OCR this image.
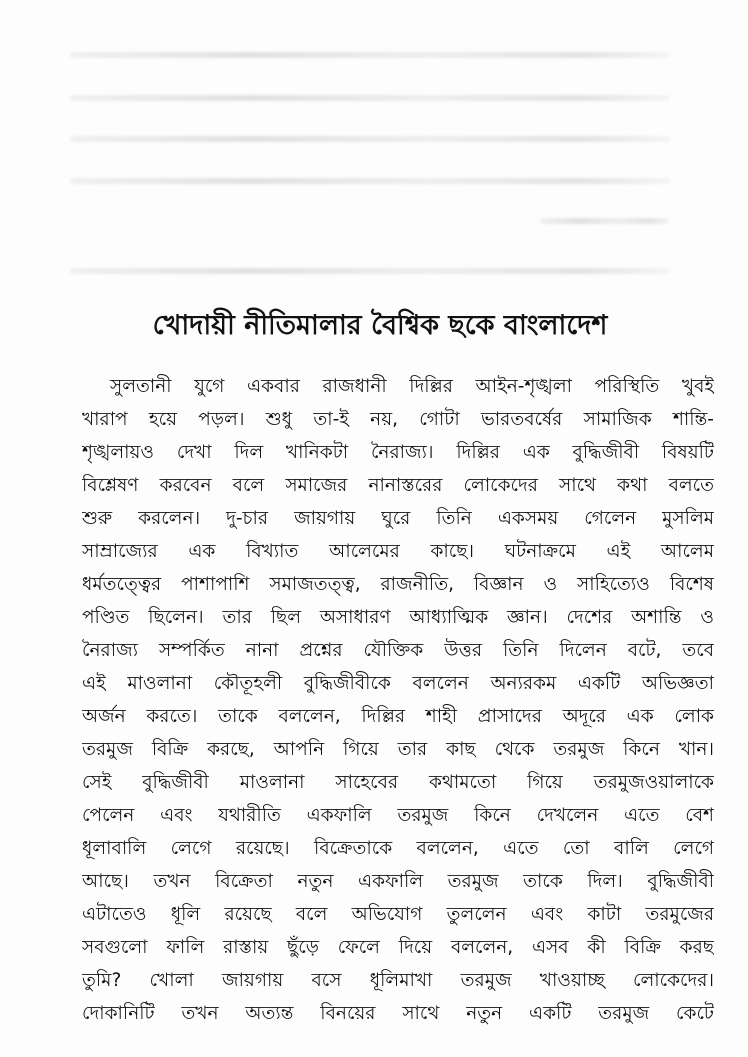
খোদায়ী নীতিমালার বৈশ্বিক ছকে বাংলাদেশ
সুলতানী যুগে একবার রাজধানী দিল্লির আইন-শৃঙ্খলা পরিস্থিতি খুবই
খারাপ হয়ে পড়ল। শুধু তা-ই নয়, গোটা ভারতবর্ষের সামাজিক শান্তি-
শৃঙ্খলায়ও দেখা দিল খানিকটা নৈরাজ্য। দিল্লির এক বুদ্ধিজীবী বিষয়টি
বিশ্লেষণ করবেন বলে সমাজের নানাস্তরের লোকেদের সাথে কথা বলতে
শুরু করলেন। দু-চার জায়গায় ঘুরে তিনি একসময় গেলেন মুসলিম
সাম্রাজ্যের এক বিখ্যাত আলেমের কাছে। ঘটনাক্রমে এই আলেম
ধর্মতত্ত্বের পাশাপাশি সমাজতত্ত্ব, রাজনীতি, বিজ্ঞান ও সাহিত্যেও বিশেষ
পণ্ডিত ছিলেন। তার ছিল অসাধারণ আধ্যাত্মিক জ্ঞান। দেশের অশান্তি ও
নৈরাজ্য সম্পর্কিত নানা প্রশ্নের যৌক্তিক উত্তর তিনি দিলেন বটে, তবে
এই মাওলানা কৌতূহলী বুদ্ধিজীবীকে বললেন অন্যরকম একটি অভিজ্ঞতা
অর্জন করতে। তাকে বললেন, দিল্লির শাহী প্রাসাদের অদূরে এক লোক
তরমুজ বিক্রি করছে, আপনি গিয়ে তার কাছ থেকে তরমুজ কিনে খান।
সেই বুদ্ধিজীবী মাওলানা সাহেবের কথামতো গিয়ে তরমুজওয়ালাকে
পেলেন এবং যথারীতি একফালি তরমুজ কিনে দেখলেন এতে বেশ
ধূলাবালি লেগে রয়েছে। বিক্রেতাকে বললেন, এতে তো বালি লেগে
আছে। তখন বিক্রেতা নতুন একফালি তরমুজ তাকে দিল। বুদ্ধিজীবী
এটাতেও ধূলি রয়েছে বলে অভিযোগ তুললেন এবং কাটা তরমুজের
সবগুলো ফালি রাস্তায় ছুঁড়ে ফেলে দিয়ে বললেন, এসব কী বিক্রি করছ
তুমি? খোলা জায়গায় বসে ধূলিমাখা তরমুজ খাওয়াচ্ছ লোকেদের।
দোকানিটি তখন অত্যন্ত বিনয়ের সাথে নতুন একটি তরমুজ কেটে
